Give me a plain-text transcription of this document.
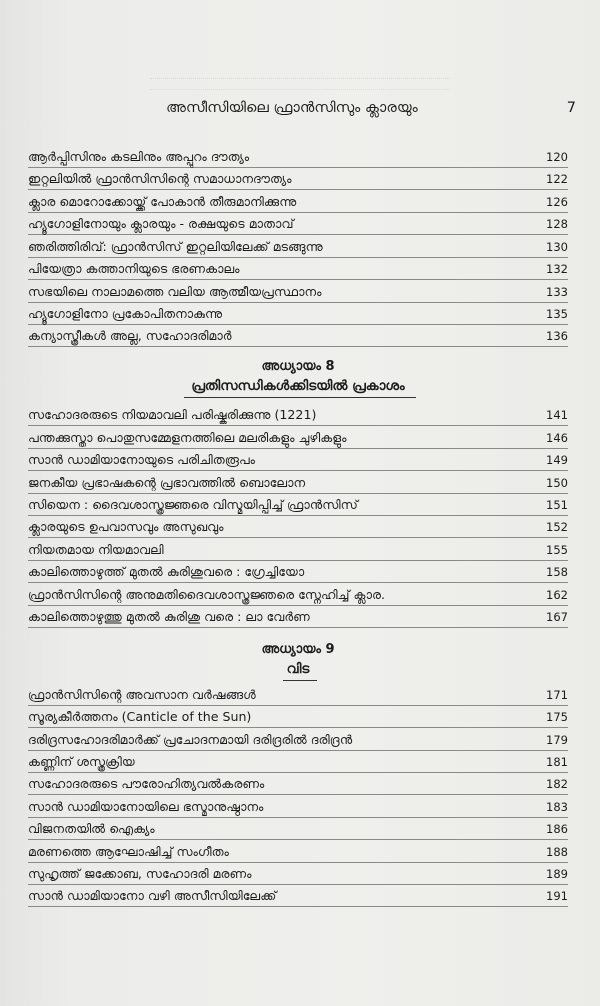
അസീസിയിലെ ഫ്രാൻസിസും ക്ലാരയും	7
ആർപ്പിസിനും കടലിനും അപ്പുറം ദൗത്യം	120
ഇറ്റലിയിൽ ഫ്രാൻസിസിന്റെ സമാധാനദൗത്യം	122
ക്ലാര മൊറോക്കോയ്ക്ക് പോകാൻ തീരുമാനിക്കുന്നു	126
ഹ്യൂഗോളിനോയും ക്ലാരയും - രക്ഷയുടെ മാതാവ്	128
ഞരിത്തിരിവ്: ഫ്രാൻസിസ് ഇറ്റലിയിലേക്ക് മടങ്ങുന്നു	130
പിയേത്രാ കത്താനിയുടെ ഭരണകാലം	132
സഭയിലെ നാലാമത്തെ വലിയ ആത്മീയപ്രസ്ഥാനം	133
ഹ്യൂഗോളിനോ പ്രകോപിതനാകുന്നു	135
കന്യാസ്ത്രീകൾ അല്ല, സഹോദരിമാർ	136
അധ്യായം 8
പ്രതിസന്ധികൾക്കിടയിൽ പ്രകാശം
സഹോദരരുടെ നിയമാവലി പരിഷ്കരിക്കുന്നു (1221)	141
പന്തക്കുസ്താ പൊതുസമ്മേളനത്തിലെ മലരികളും ചുഴികളും	146
സാൻ ഡാമിയാനോയുടെ പരിചിതരൂപം	149
ജനകീയ പ്രഭാഷകന്റെ പ്രഭാവത്തിൽ ബൊലോന	150
സിയെന : ദൈവശാസ്ത്രജ്ഞരെ വിസ്മയിപ്പിച്ച് ഫ്രാൻസിസ്	151
ക്ലാരയുടെ ഉപവാസവും അസുഖവും	152
നിയതമായ നിയമാവലി	155
കാലിത്തൊഴുത്ത് മുതൽ കുരിശുവരെ : ഗ്രേച്ചിയോ	158
ഫ്രാൻസിസിന്റെ അനുമതിദൈവശാസ്ത്രജ്ഞരെ സ്നേഹിച്ച് ക്ലാര.	162
കാലിത്തൊഴുത്തു മുതൽ കുരിശു വരെ : ലാ വേർണ	167
അധ്യായം 9
വിട
ഫ്രാൻസിസിന്റെ അവസാന വർഷങ്ങൾ	171
സൂര്യകീർത്തനം (Canticle of the Sun)	175
ദരിദ്രസഹോദരിമാർക്ക് പ്രചോദനമായി ദരിദ്രരിൽ ദരിദ്രൻ	179
കണ്ണിന് ശസ്ത്രക്രിയ	181
സഹോദരരുടെ പൗരോഹിത്യവൽകരണം	182
സാൻ ഡാമിയാനോയിലെ ഭസ്മാനുഷ്ഠാനം	183
വിജനതയിൽ ഐക്യം	186
മരണത്തെ ആഘോഷിച്ച് സംഗീതം	188
സുഹൃത്ത് ജക്കോബ, സഹോദരി മരണം	189
സാൻ ഡാമിയാനോ വഴി അസീസിയിലേക്ക്	191
